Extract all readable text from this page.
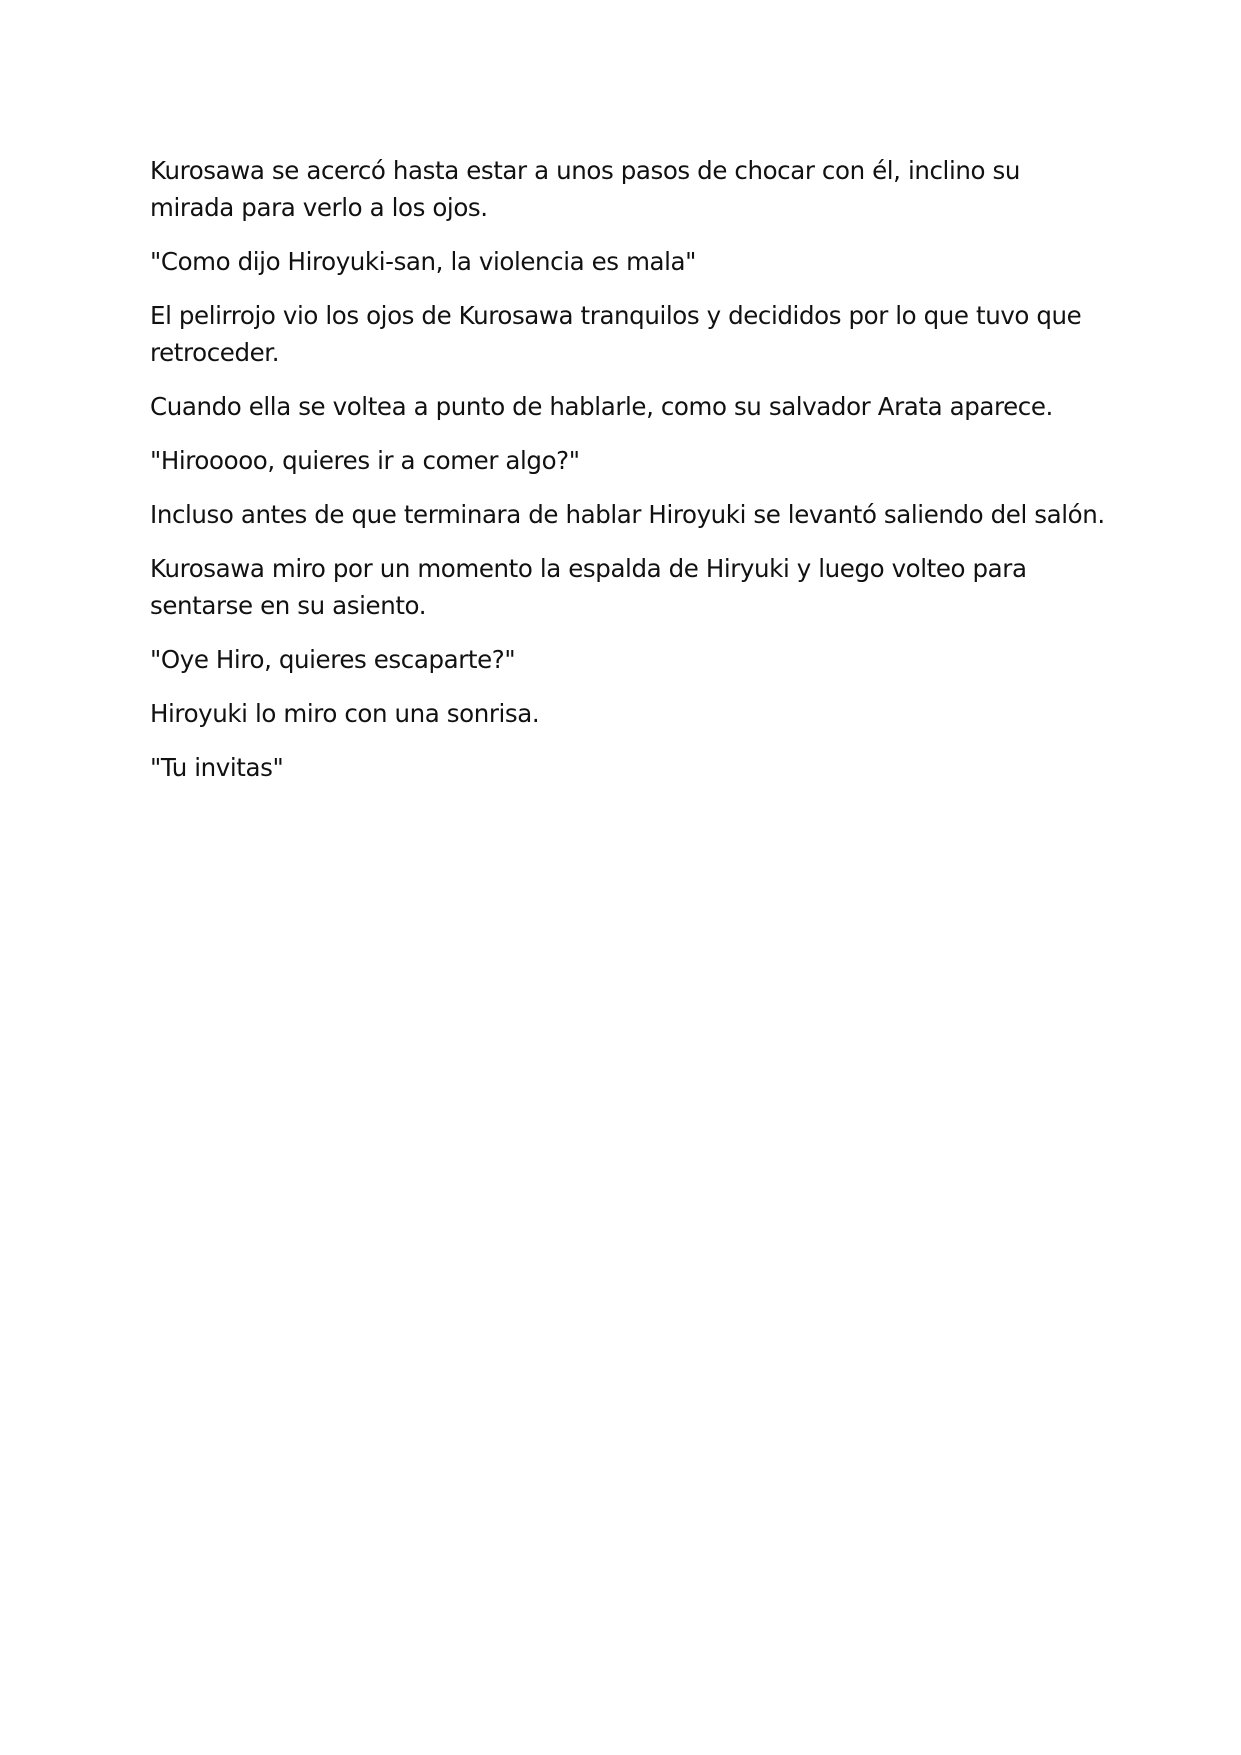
Kurosawa se acercó hasta estar a unos pasos de chocar con él, inclino su mirada para verlo a los ojos.

"Como dijo Hiroyuki-san, la violencia es mala"

El pelirrojo vio los ojos de Kurosawa tranquilos y decididos por lo que tuvo que retroceder.

Cuando ella se voltea a punto de hablarle, como su salvador Arata aparece.

"Hirooooo, quieres ir a comer algo?"

Incluso antes de que terminara de hablar Hiroyuki se levantó saliendo del salón.

Kurosawa miro por un momento la espalda de Hiryuki y luego volteo para sentarse en su asiento.

"Oye Hiro, quieres escaparte?"

Hiroyuki lo miro con una sonrisa.

"Tu invitas"
